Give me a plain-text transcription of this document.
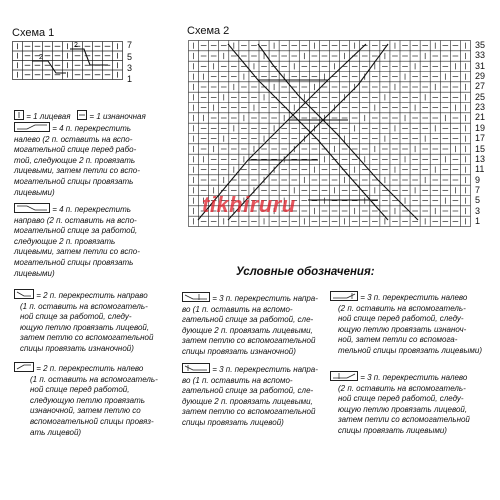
Схема 1
2
2	7
5
3
1
Схема 2
35
33
31
29
27
25
23
21
19
17
15
13
11
9
7
5
3
1
tikhiruru
Условные обозначения:
= 1 лицевая = 1 изнаночная
= 4 п. перекрестить
налево (2 п. оставить на вспо-
могательной спице перед рабо-
той, следующие 2 п. провязать
лицевыми, затем петли со вспо-
могательной спицы провязать
лицевыми)
= 4 п. перекрестить
направо (2 п. оставить на вспо-
могательной спице за работой,
следующие 2 п. провязать
лицевыми, затем петли со вспо-
могательной спицы провязать
лицевыми)
= 2 п. перекрестить направо
(1 п. оставить на вспомогатель-
ной спице за работой, следу-
ющую петлю провязать лицевой,
затем петлю со вспомогательной
спицы провязать изнаночной)
= 2 п. перекрестить налево
(1 п. оставить на вспомогатель-
ной спице перед работой,
следующую петлю провязать
изнаночной, затем петлю со
вспомогательной спицы провяз-
ать лицевой)
= 3 п. перекрестить напра-
во (1 п. оставить на вспомо-
гательной спице за работой, сле-
дующие 2 п. провязать лицевыми,
затем петлю со вспомогательной
спицы провязать изнаночной)
= 3 п. перекрестить напра-
во (1 п. оставить на вспомо-
гательной спице за работой, сле-
дующие 2 п. провязать лицевыми,
затем петлю со вспомогательной
спицы провязать лицевой)
= 3 п. перекрестить налево
(2 п. оставить на вспомогатель-
ной спице перед работой, следу-
ющую петлю провязать изнаноч-
ной, затем петли со вспомога-
тельной спицы провязать лицевыми)
= 3 п. перекрестить налево
(2 п. оставить на вспомогатель-
ной спице перед работой, следу-
ющую петлю провязать лицевой,
затем петли со вспомогательной
спицы провязать лицевыми)
